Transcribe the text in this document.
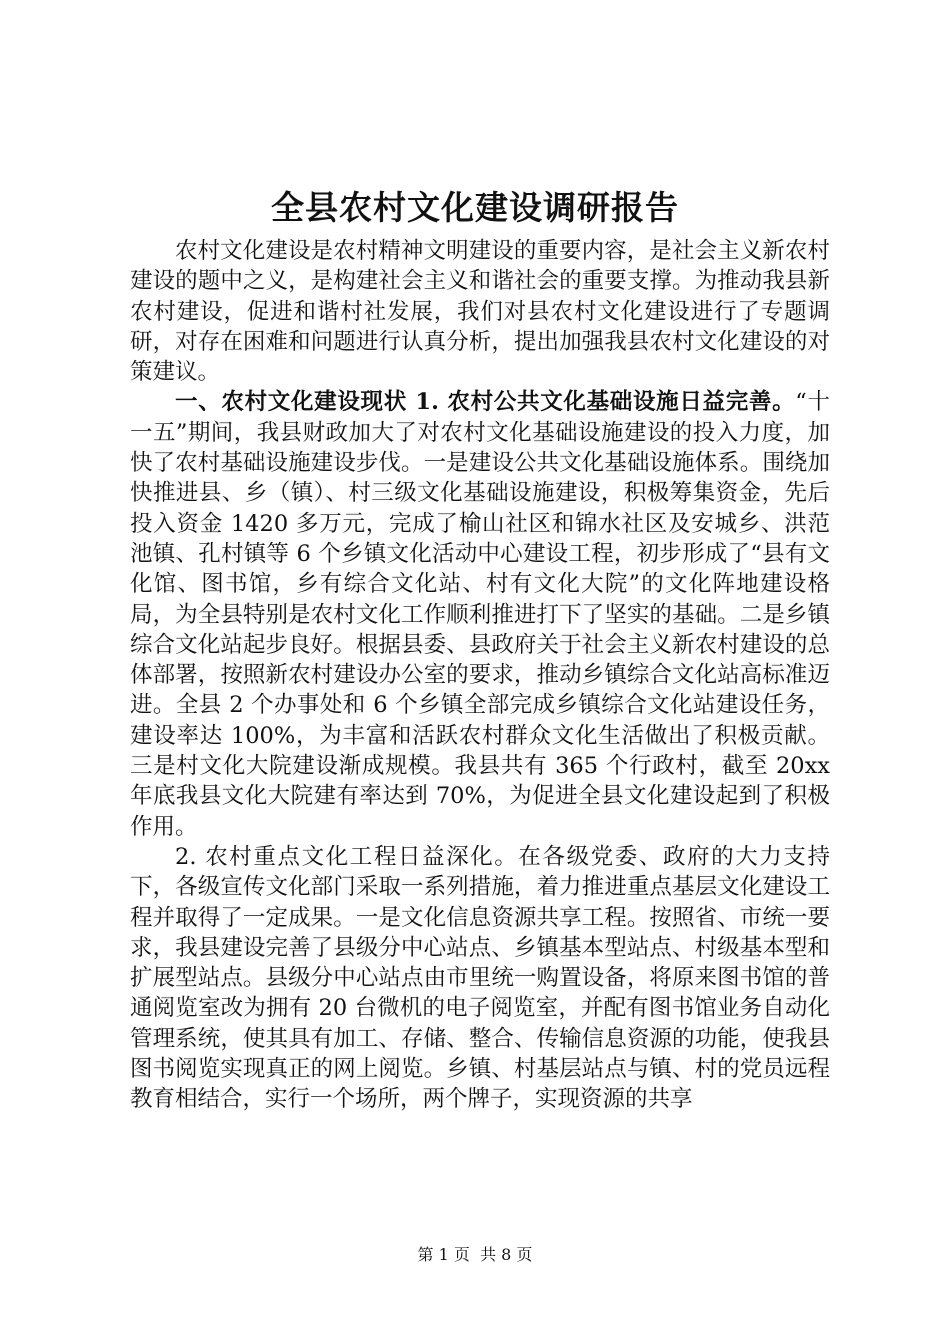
全县农村文化建设调研报告

农村文化建设是农村精神文明建设的重要内容，是社会主义新农村建设的题中之义，是构建社会主义和谐社会的重要支撑。为推动我县新农村建设，促进和谐村社发展，我们对县农村文化建设进行了专题调研，对存在困难和问题进行认真分析，提出加强我县农村文化建设的对策建议。

一、农村文化建设现状 1. 农村公共文化基础设施日益完善。“十一五”期间，我县财政加大了对农村文化基础设施建设的投入力度，加快了农村基础设施建设步伐。一是建设公共文化基础设施体系。围绕加快推进县、乡（镇）、村三级文化基础设施建设，积极筹集资金，先后投入资金 1420 多万元，完成了榆山社区和锦水社区及安城乡、洪范池镇、孔村镇等 6 个乡镇文化活动中心建设工程，初步形成了“县有文化馆、图书馆，乡有综合文化站、村有文化大院”的文化阵地建设格局，为全县特别是农村文化工作顺利推进打下了坚实的基础。二是乡镇综合文化站起步良好。根据县委、县政府关于社会主义新农村建设的总体部署，按照新农村建设办公室的要求，推动乡镇综合文化站高标准迈进。全县 2 个办事处和 6 个乡镇全部完成乡镇综合文化站建设任务，建设率达 100%，为丰富和活跃农村群众文化生活做出了积极贡献。三是村文化大院建设渐成规模。我县共有 365 个行政村，截至 20xx 年底我县文化大院建有率达到 70%，为促进全县文化建设起到了积极作用。

2. 农村重点文化工程日益深化。在各级党委、政府的大力支持下，各级宣传文化部门采取一系列措施，着力推进重点基层文化建设工程并取得了一定成果。一是文化信息资源共享工程。按照省、市统一要求，我县建设完善了县级分中心站点、乡镇基本型站点、村级基本型和扩展型站点。县级分中心站点由市里统一购置设备，将原来图书馆的普通阅览室改为拥有 20 台微机的电子阅览室，并配有图书馆业务自动化管理系统，使其具有加工、存储、整合、传输信息资源的功能，使我县图书阅览实现真正的网上阅览。乡镇、村基层站点与镇、村的党员远程教育相结合，实行一个场所，两个牌子，实现资源的共享

第 1 页 共 8 页
